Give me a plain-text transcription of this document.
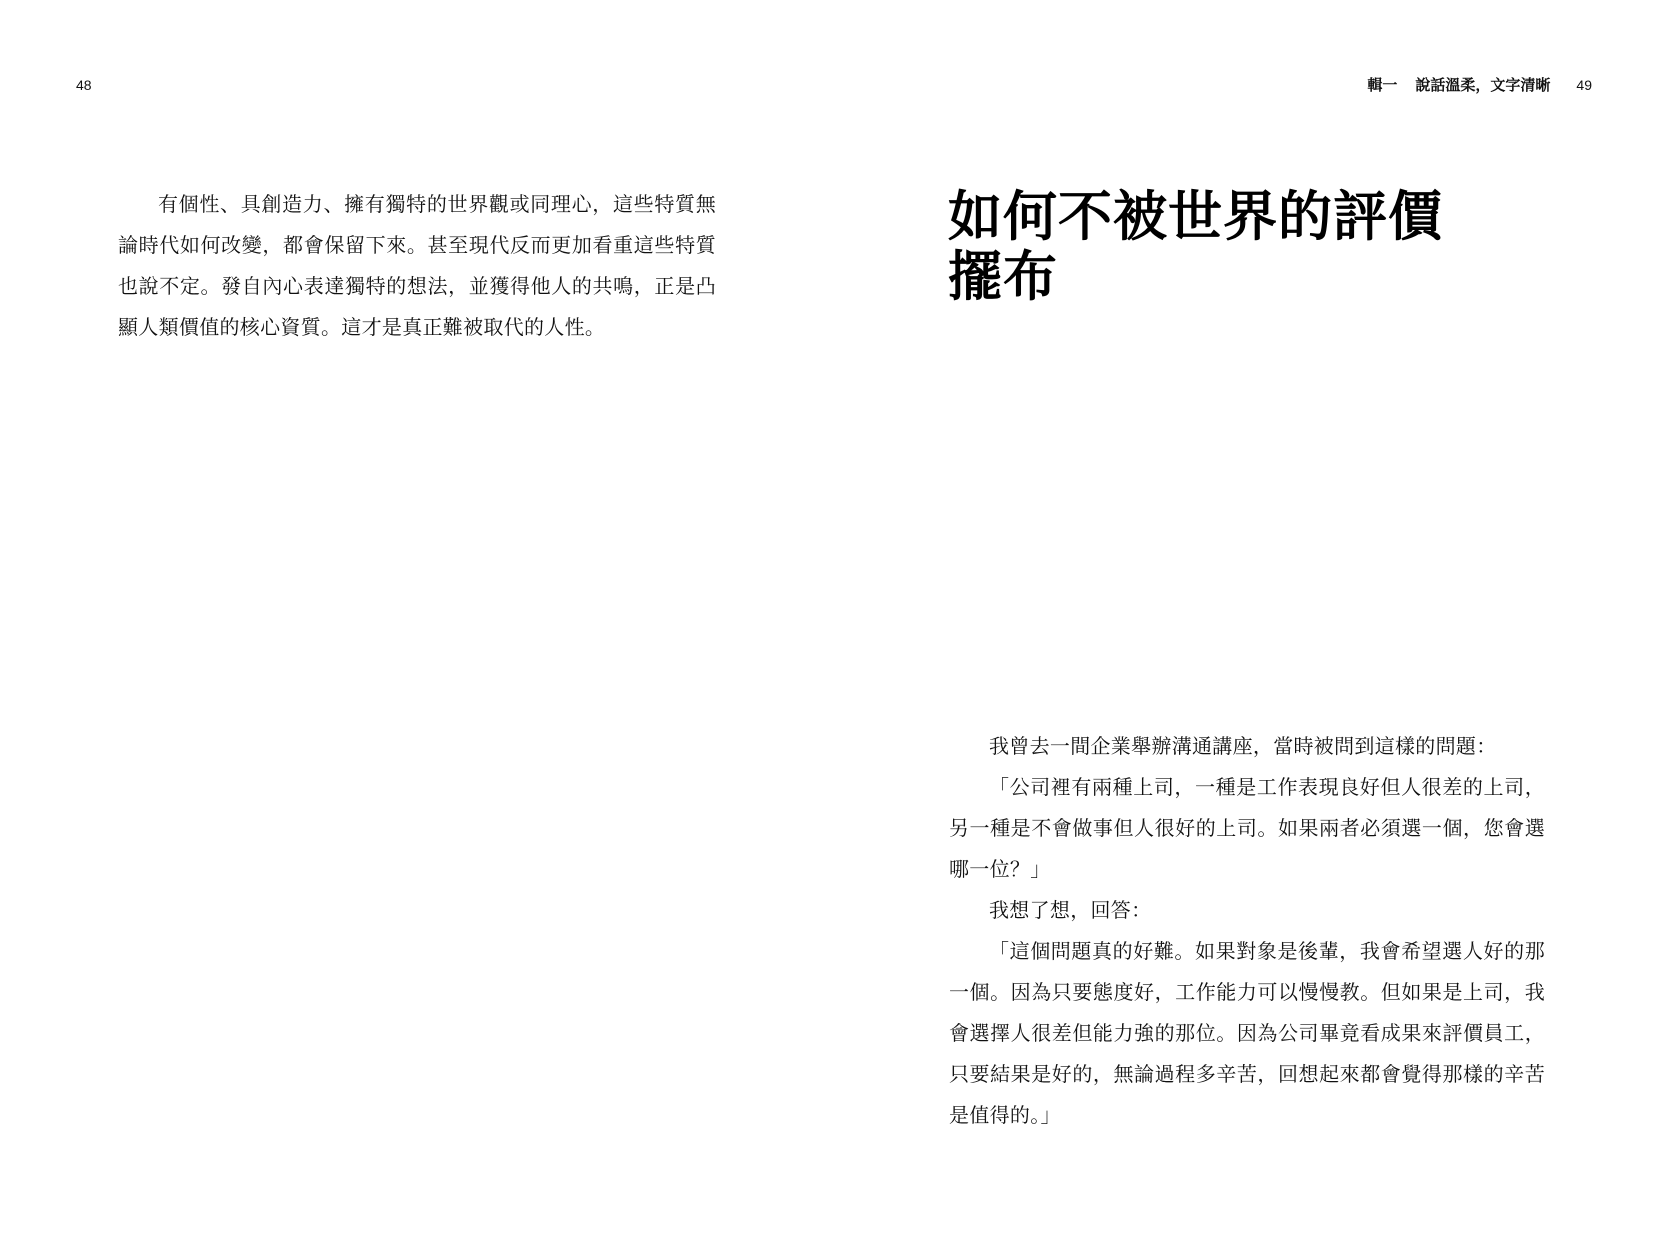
48

有個性、具創造力、擁有獨特的世界觀或同理心，這些特質無論時代如何改變，都會保留下來。甚至現代反而更加看重這些特質也說不定。發自內心表達獨特的想法，並獲得他人的共鳴，正是凸顯人類價值的核心資質。這才是真正難被取代的人性。

輯一 說話溫柔，文字清晰 49
如何不被世界的評價
擺布

我曾去一間企業舉辦溝通講座，當時被問到這樣的問題：

「公司裡有兩種上司，一種是工作表現良好但人很差的上司，另一種是不會做事但人很好的上司。如果兩者必須選一個，您會選哪一位？」

我想了想，回答：

「這個問題真的好難。如果對象是後輩，我會希望選人好的那一個。因為只要態度好，工作能力可以慢慢教。但如果是上司，我會選擇人很差但能力強的那位。因為公司畢竟看成果來評價員工，只要結果是好的，無論過程多辛苦，回想起來都會覺得那樣的辛苦是值得的。」
